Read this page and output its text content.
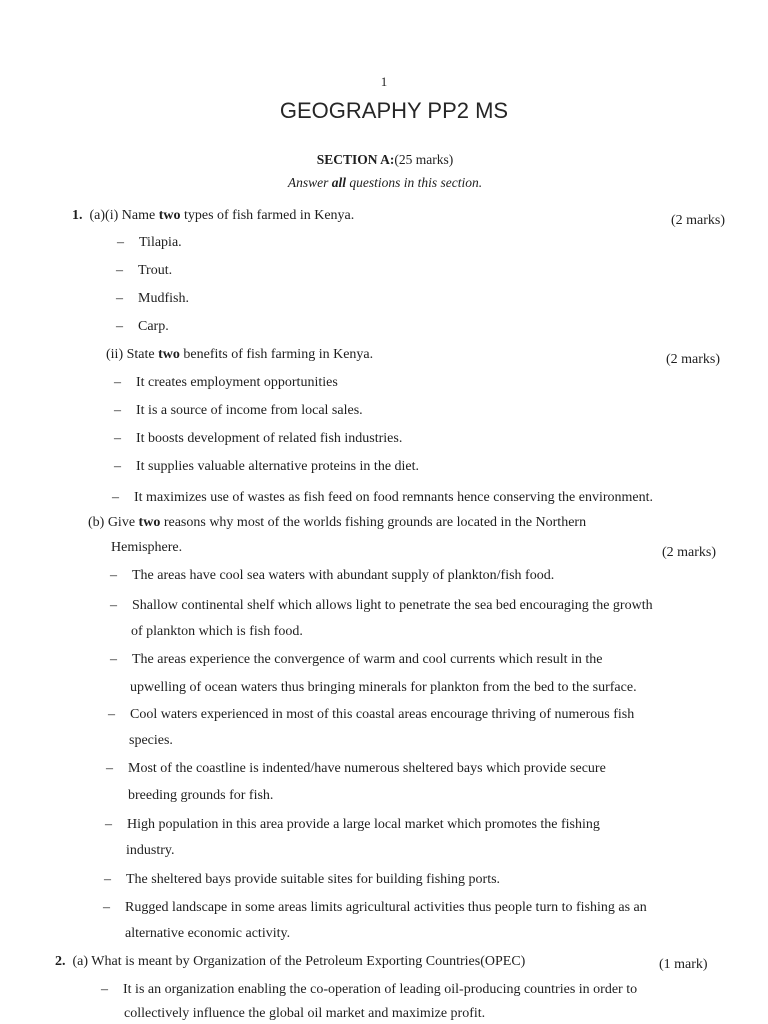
1
GEOGRAPHY PP2 MS
SECTION A:(25 marks)
Answer all questions in this section.
1. (a)(i) Name two types of fish farmed in Kenya.	(2 marks)
– Tilapia.
– Trout.
– Mudfish.
– Carp.
(ii) State two benefits of fish farming in Kenya.	(2 marks)
– It creates employment opportunities
– It is a source of income from local sales.
– It boosts development of related fish industries.
– It supplies valuable alternative proteins in the diet.
– It maximizes use of wastes as fish feed on food remnants hence conserving the environment.
(b) Give two reasons why most of the worlds fishing grounds are located in the Northern
Hemisphere.	(2 marks)
– The areas have cool sea waters with abundant supply of plankton/fish food.
– Shallow continental shelf which allows light to penetrate the sea bed encouraging the growth
of plankton which is fish food.
– The areas experience the convergence of warm and cool currents which result in the
upwelling of ocean waters thus bringing minerals for plankton from the bed to the surface.
– Cool waters experienced in most of this coastal areas encourage thriving of numerous fish
species.
– Most of the coastline is indented/have numerous sheltered bays which provide secure
breeding grounds for fish.
– High population in this area provide a large local market which promotes the fishing
industry.
– The sheltered bays provide suitable sites for building fishing ports.
– Rugged landscape in some areas limits agricultural activities thus people turn to fishing as an
alternative economic activity.
2. (a) What is meant by Organization of the Petroleum Exporting Countries(OPEC)	(1 mark)
– It is an organization enabling the co-operation of leading oil-producing countries in order to
collectively influence the global oil market and maximize profit.
